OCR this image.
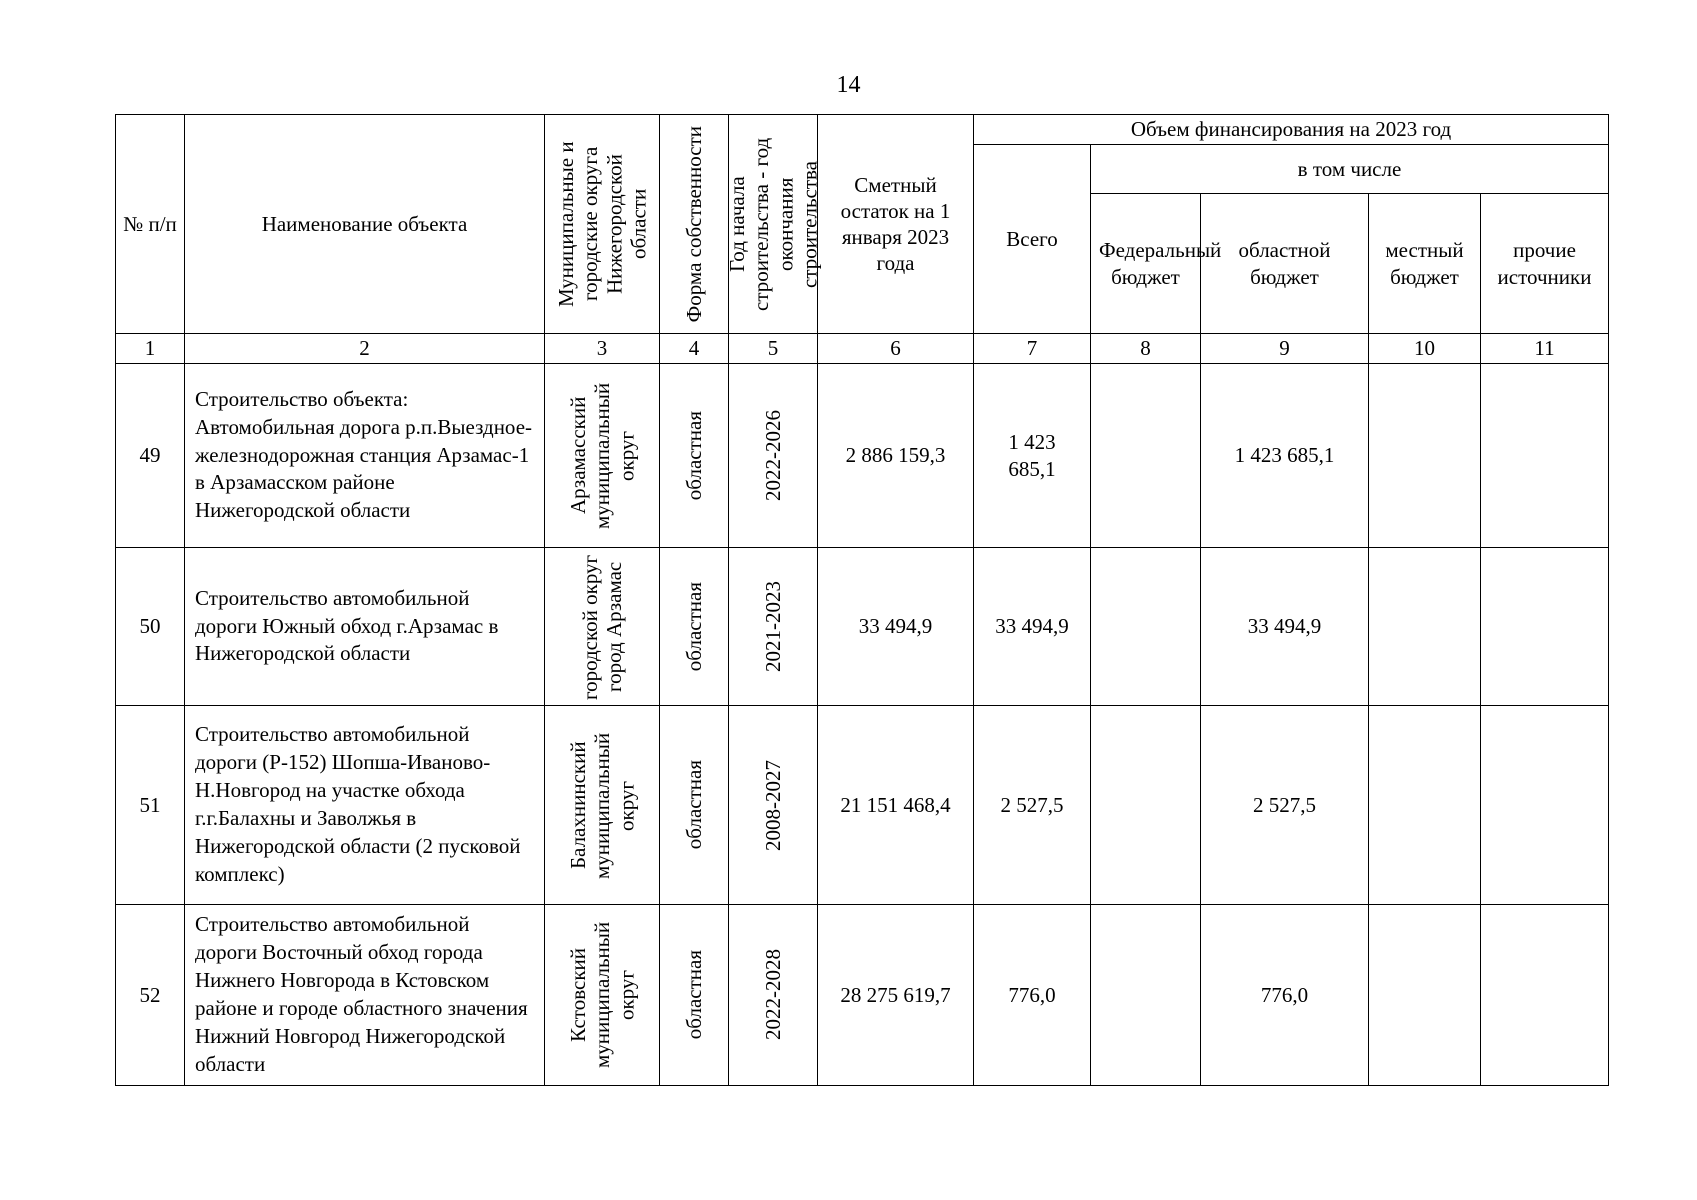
14
№ п/п	Наименование объекта	Муниципальные и городские округа Нижегородской области	Форма собственности	Год начала строительства - год окончания строительства	Сметный остаток на 1 января 2023 года	Объем финансирования на 2023 год				
						Всего	в том числе			
							Федеральный бюджет	областной бюджет	местный бюджет	прочие источники
1	2	3	4	5	6	7	8	9	10	11
49	Строительство объекта: Автомобильная дорога р.п.Выездное- железнодорожная станция Арзамас-1 в Арзамасском районе Нижегородской области	Арзамасский муниципальный округ	областная	2022-2026	2 886 159,3	1 423 685,1		1 423 685,1		
50	Строительство автомобильной дороги Южный обход г.Арзамас в Нижегородской области	городской округ город Арзамас	областная	2021-2023	33 494,9	33 494,9		33 494,9		
51	Строительство автомобильной дороги (Р-152) Шопша-Иваново-Н.Новгород на участке обхода г.г.Балахны и Заволжья в Нижегородской области (2 пусковой комплекс)	Балахнинский муниципальный округ	областная	2008-2027	21 151 468,4	2 527,5		2 527,5		
52	Строительство автомобильной дороги Восточный обход города Нижнего Новгорода в Кстовском районе и городе областного значения Нижний Новгород Нижегородской области	Кстовский муниципальный округ	областная	2022-2028	28 275 619,7	776,0		776,0		
